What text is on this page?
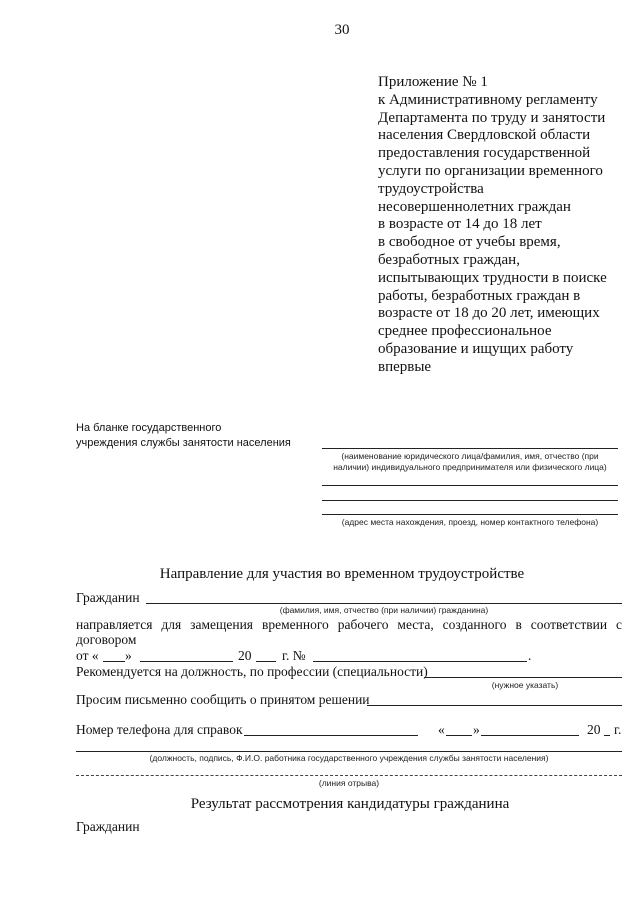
30
Приложение № 1
к Административному регламенту
Департамента по труду и занятости
населения Свердловской области
предоставления государственной
услуги по организации временного
трудоустройства
несовершеннолетних граждан
в возрасте от 14 до 18 лет
в свободное от учебы время,
безработных граждан,
испытывающих трудности в поиске
работы, безработных граждан в
возрасте от 18 до 20 лет, имеющих
среднее профессиональное
образование и ищущих работу
впервые
На бланке государственного
учреждения службы занятости населения
(наименование юридического лица/фамилия, имя, отчество (при
наличии) индивидуального предпринимателя или физического лица)
(адрес места нахождения, проезд, номер контактного телефона)
Направление для участия во временном трудоустройстве
Гражданин
(фамилия, имя, отчество (при наличии) гражданина)
направляется для замещения временного рабочего места, созданного в соответствии с
договором
от « »	20 г. №	.
Рекомендуется на должность, по профессии (специальности)
(нужное указать)
Просим письменно сообщить о принятом решении
Номер телефона для справок	« »	20 г.
(должность, подпись, Ф.И.О. работника государственного учреждения службы занятости населения)
(линия отрыва)
Результат рассмотрения кандидатуры гражданина
Гражданин
